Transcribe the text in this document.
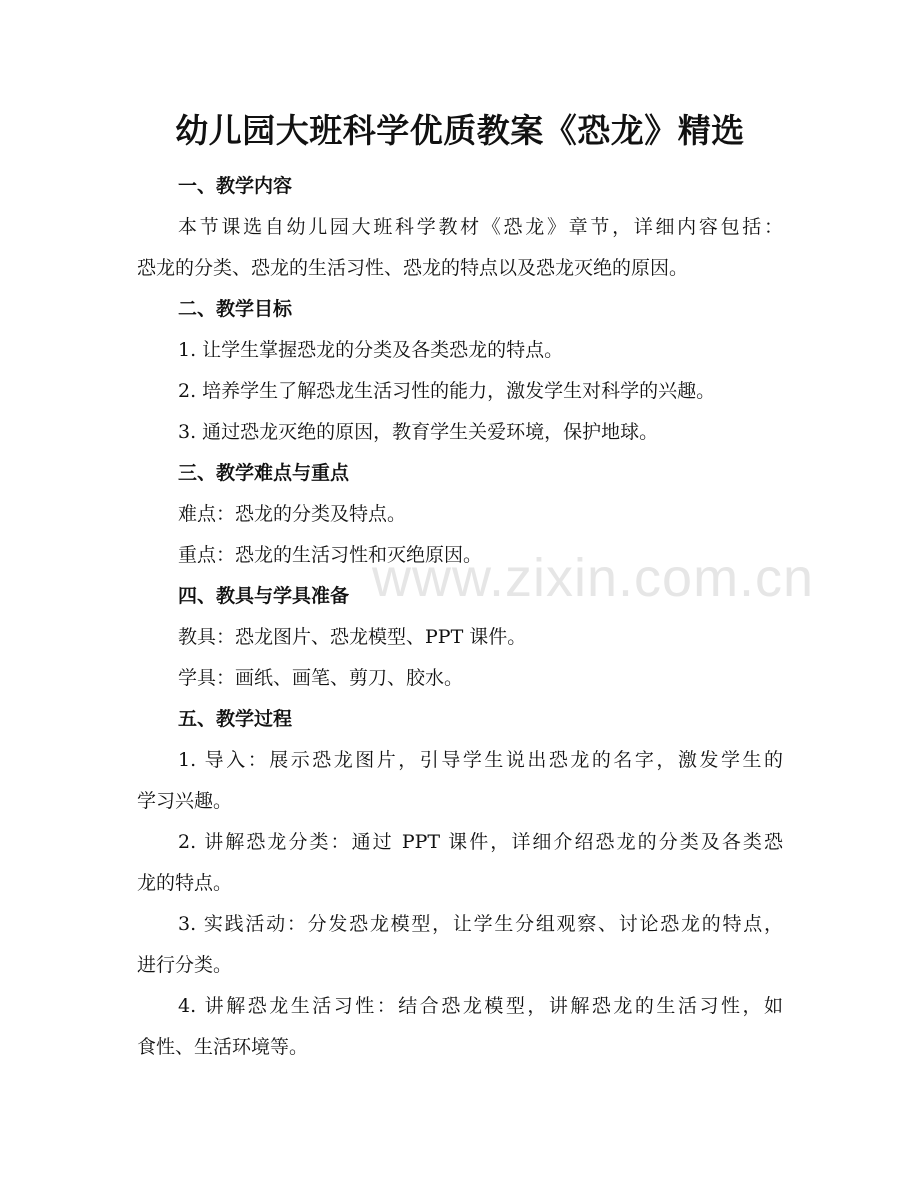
幼儿园大班科学优质教案《恐龙》精选
一、教学内容
本节课选自幼儿园大班科学教材《恐龙》章节，详细内容包括：
恐龙的分类、恐龙的生活习性、恐龙的特点以及恐龙灭绝的原因。
二、教学目标
1. 让学生掌握恐龙的分类及各类恐龙的特点。
2. 培养学生了解恐龙生活习性的能力，激发学生对科学的兴趣。
3. 通过恐龙灭绝的原因，教育学生关爱环境，保护地球。
三、教学难点与重点
难点：恐龙的分类及特点。
重点：恐龙的生活习性和灭绝原因。
四、教具与学具准备
教具：恐龙图片、恐龙模型、PPT 课件。
学具：画纸、画笔、剪刀、胶水。
五、教学过程
1. 导入：展示恐龙图片，引导学生说出恐龙的名字，激发学生的
学习兴趣。
2. 讲解恐龙分类：通过 PPT 课件，详细介绍恐龙的分类及各类恐
龙的特点。
3. 实践活动：分发恐龙模型，让学生分组观察、讨论恐龙的特点，
进行分类。
4. 讲解恐龙生活习性：结合恐龙模型，讲解恐龙的生活习性，如
食性、生活环境等。
www.zixin.com.cn
